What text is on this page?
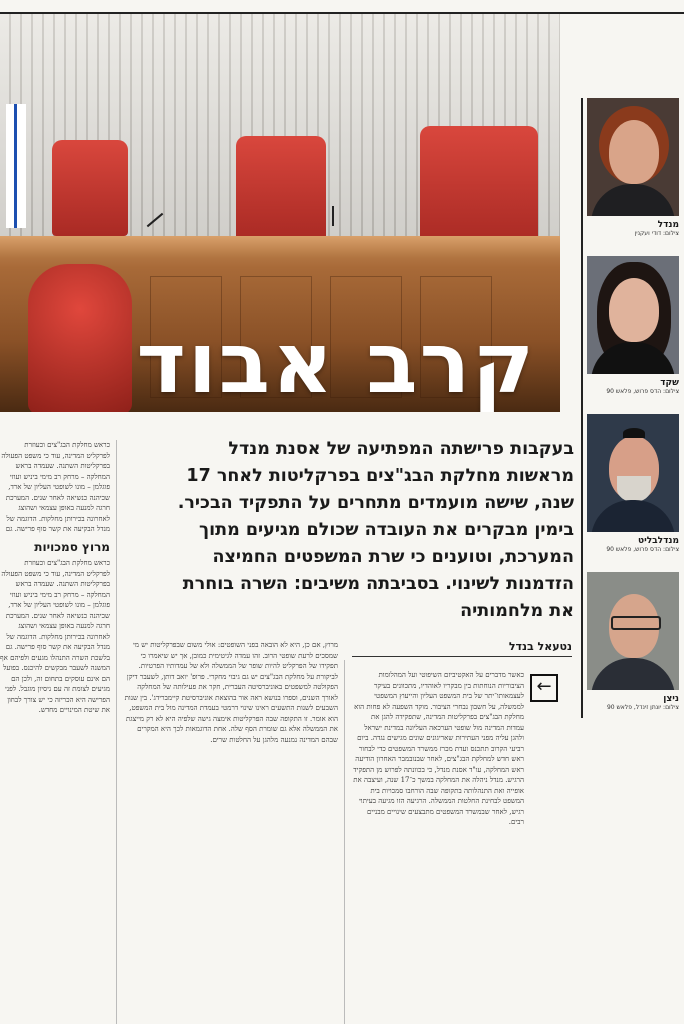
קרב אבוד
מנדל
צילום: דודי ועקנין
שקד
צילום: הדס פרוש, פלאש 90
מנדלבליט
צילום: הדס פרוש, פלאש 90
ניצן
צילום: יונתן זינדל, פלאש 90
בעקבות פרישתה המפתיעה של אסנת מנדל מראשות מחלקת הבג"צים בפרקליטות לאחר 17 שנה, שישה מועמדים מתחרים על התפקיד הבכיר. בימין מבקרים את העובדה שכולם מגיעים מתוך המערכת, וטוענים כי שרת המשפטים החמיצה הזדמנות לשינוי. בסביבתה משיבים: השרה בוחרת את מלחמותיה
נטעאל בנדל
←

כאשר מדברים על האקטיביזם השיפוטי ועל המהלומות הציבוריות הנוחתות בין מבקריו לאוהדיו, מתכוונים בעיקר לעצמאותו־יתר של בית המשפט העליון והייעוץ המשפטי לממשלה, על חשבון נבחרי הציבור. מוקד השפעה לא פחות הוא מחלקת הבג"צים בפרקליטות המדינה, שתפקידה להגן את עמדות המדינה מול שופטי הערכאה העליונה במדינת ישראל ולהגן עליה מפני העתירות שאריגונים שונים מגישים נגדה. ביום רביעי הקרוב תתכנס ועדת מכרז ממשרד המשפטים כדי לבחור ראש חדש למחלקת הבג"צים, לאחר שבנובמבר האחרון הודיעה ראש המחלקה, עו"ד אסנת מנדל, כי בכוונתה לפרוש מן התפקיד הרגיש. מנדל ניהלה את המחלקה במשך כ־17 שנה, ועיצבה את אופייה ואת התנהלותה בתקופה שבה הורחבו סמכויות בית המשפט לבחינת החלטות הממשלה. הרגיעה הזו מגיעה בעיתוי רגיש, לאחר שבמשרד המשפטים מתבצעים שינויים מבניים רבים.

מרוץ, אם כן, היא לא הובאה בפני השופטים: אולי משום שבפרקליטות יש מי שמסכים לרעת שופטי הרוב. זהו עמדה לגיטימית כמובן, אך יש שיאמרו כי תפקידו של הפרקליט להיות שופר של הממשלה ולא של עמדותיו הפרטיות. לביקורת על מחלקת הבג"צים יש גם גיבוי מחקרי. פרופ' יואב דותן, לשעבר דיקן הפקולטה למשפטים באוניברסיטה העברית, חקר את פעילותה של המחלקה לאורך השנים, וספרו בנושא ראה אור בהוצאת אוניברסיטת קיימברידג'. בין שנות השבעים לשנות התשעים ראינו שינוי דרמטי בעמדת המדינה מול בית המשפט, הוא אומר. זו התקופה שבה הפרקליטות אימצה גישה שלפיה היא לא רק מייצגת את הממשלה אלא גם שומרת הסף שלה. אחת הדוגמאות לכך היא המקרים שבהם המדינה נמנעה מלהגן על החלטות שרים.

כראש מחלקת הבג"צים וכעוזרת לפרקליט המדינה, עוד כי משפט הפעולה בפרקליטות השתנה. שעמדה בראש המחלקה – מרחק רב מימי ביניש ועוזי פוגלמן – מונו לשופטי העליון של ארד, שכיהנה כנשיאה לאחר שנים. המערכת חרגה למנעה באופן עצמאי ושהוצג לאחרונה בכירותן מחלקות. הדוגמה של מנדל הבקיעה את קשר סוף פרישה. גם

מרוץ סמכויות

כראש מחלקת הבג"צים וכעוזרת לפרקליט המדינה, עוד כי משפט הפעולה בפרקליטות השתנה. שעמדה בראש המחלקה – מרחק רב מימי ביניש ועוזי פוגלמן – מונו לשופטי העליון של ארד, שכיהנה כנשיאה לאחר שנים. המערכת חרגה למנעה באופן עצמאי ושהוצג לאחרונה בכירותן מחלקות. הדוגמה של מנדל הבקיעה את קשר סוף פרישה. גם בלשכת השרה התנהלו מגעים ולפיהם אף המשנה לשעבר מבקשים להיכנס. בפועל הם אינם עוסקים בתחום זה, ולכן הם מגיעים לצומת זה עם ניסיון מוגבל. לפני הפרישה היא הכריזה כי יש צורך לבחון את שיטת המינויים מחדש.
